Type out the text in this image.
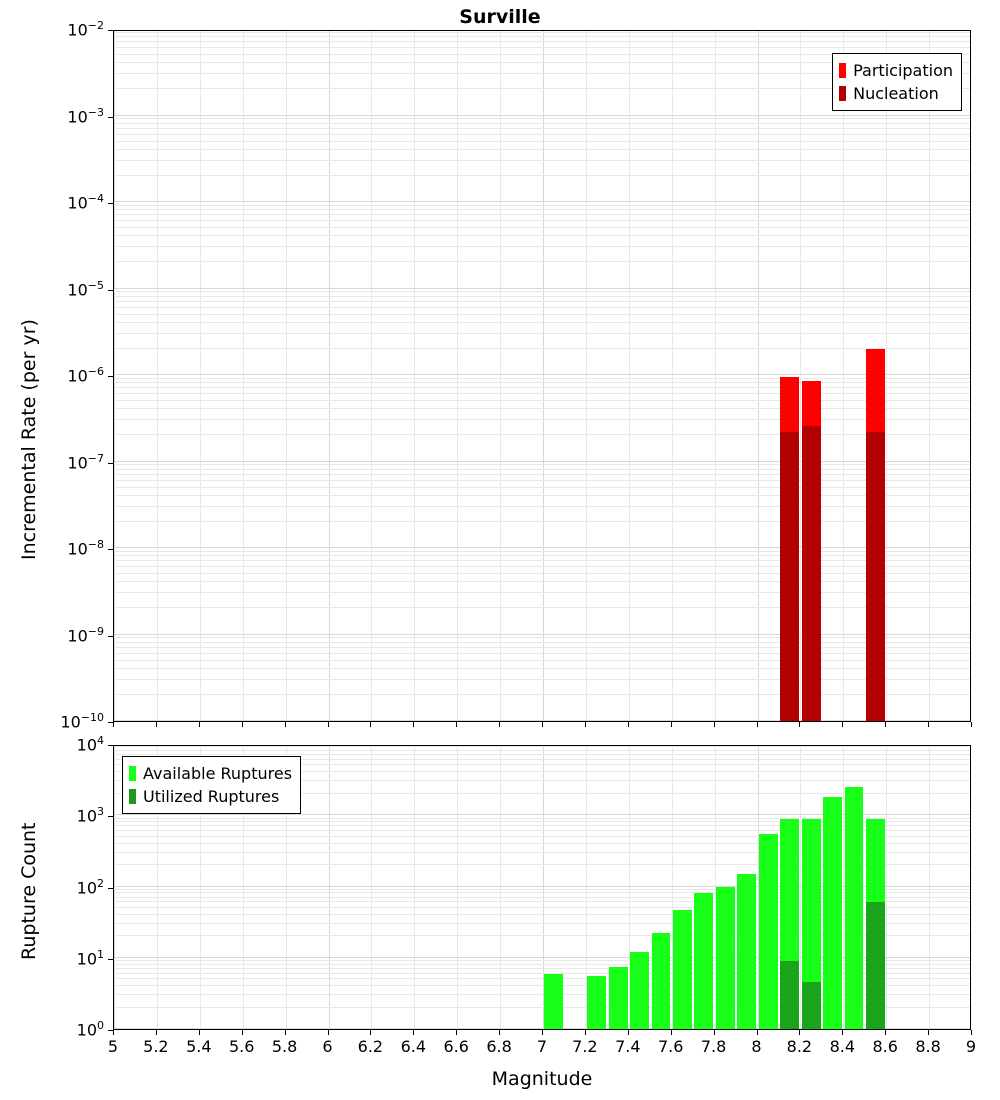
Surville
Participation
Nucleation
Available Ruptures
Utilized Ruptures
$10^{-10}$
$10^{-9}$
$10^{-8}$
$10^{-7}$
$10^{-6}$
$10^{-5}$
$10^{-4}$
$10^{-3}$
$10^{-2}$
$10^0$
$10^1$
$10^2$
$10^3$
$10^4$
5	5.2	5.4	5.6	5.8	6	6.2	6.4	6.6	6.8	7	7.2	7.4	7.6	7.8	8	8.2	8.4	8.6	8.8	9
Magnitude
Incremental Rate (per yr)
Rupture Count
